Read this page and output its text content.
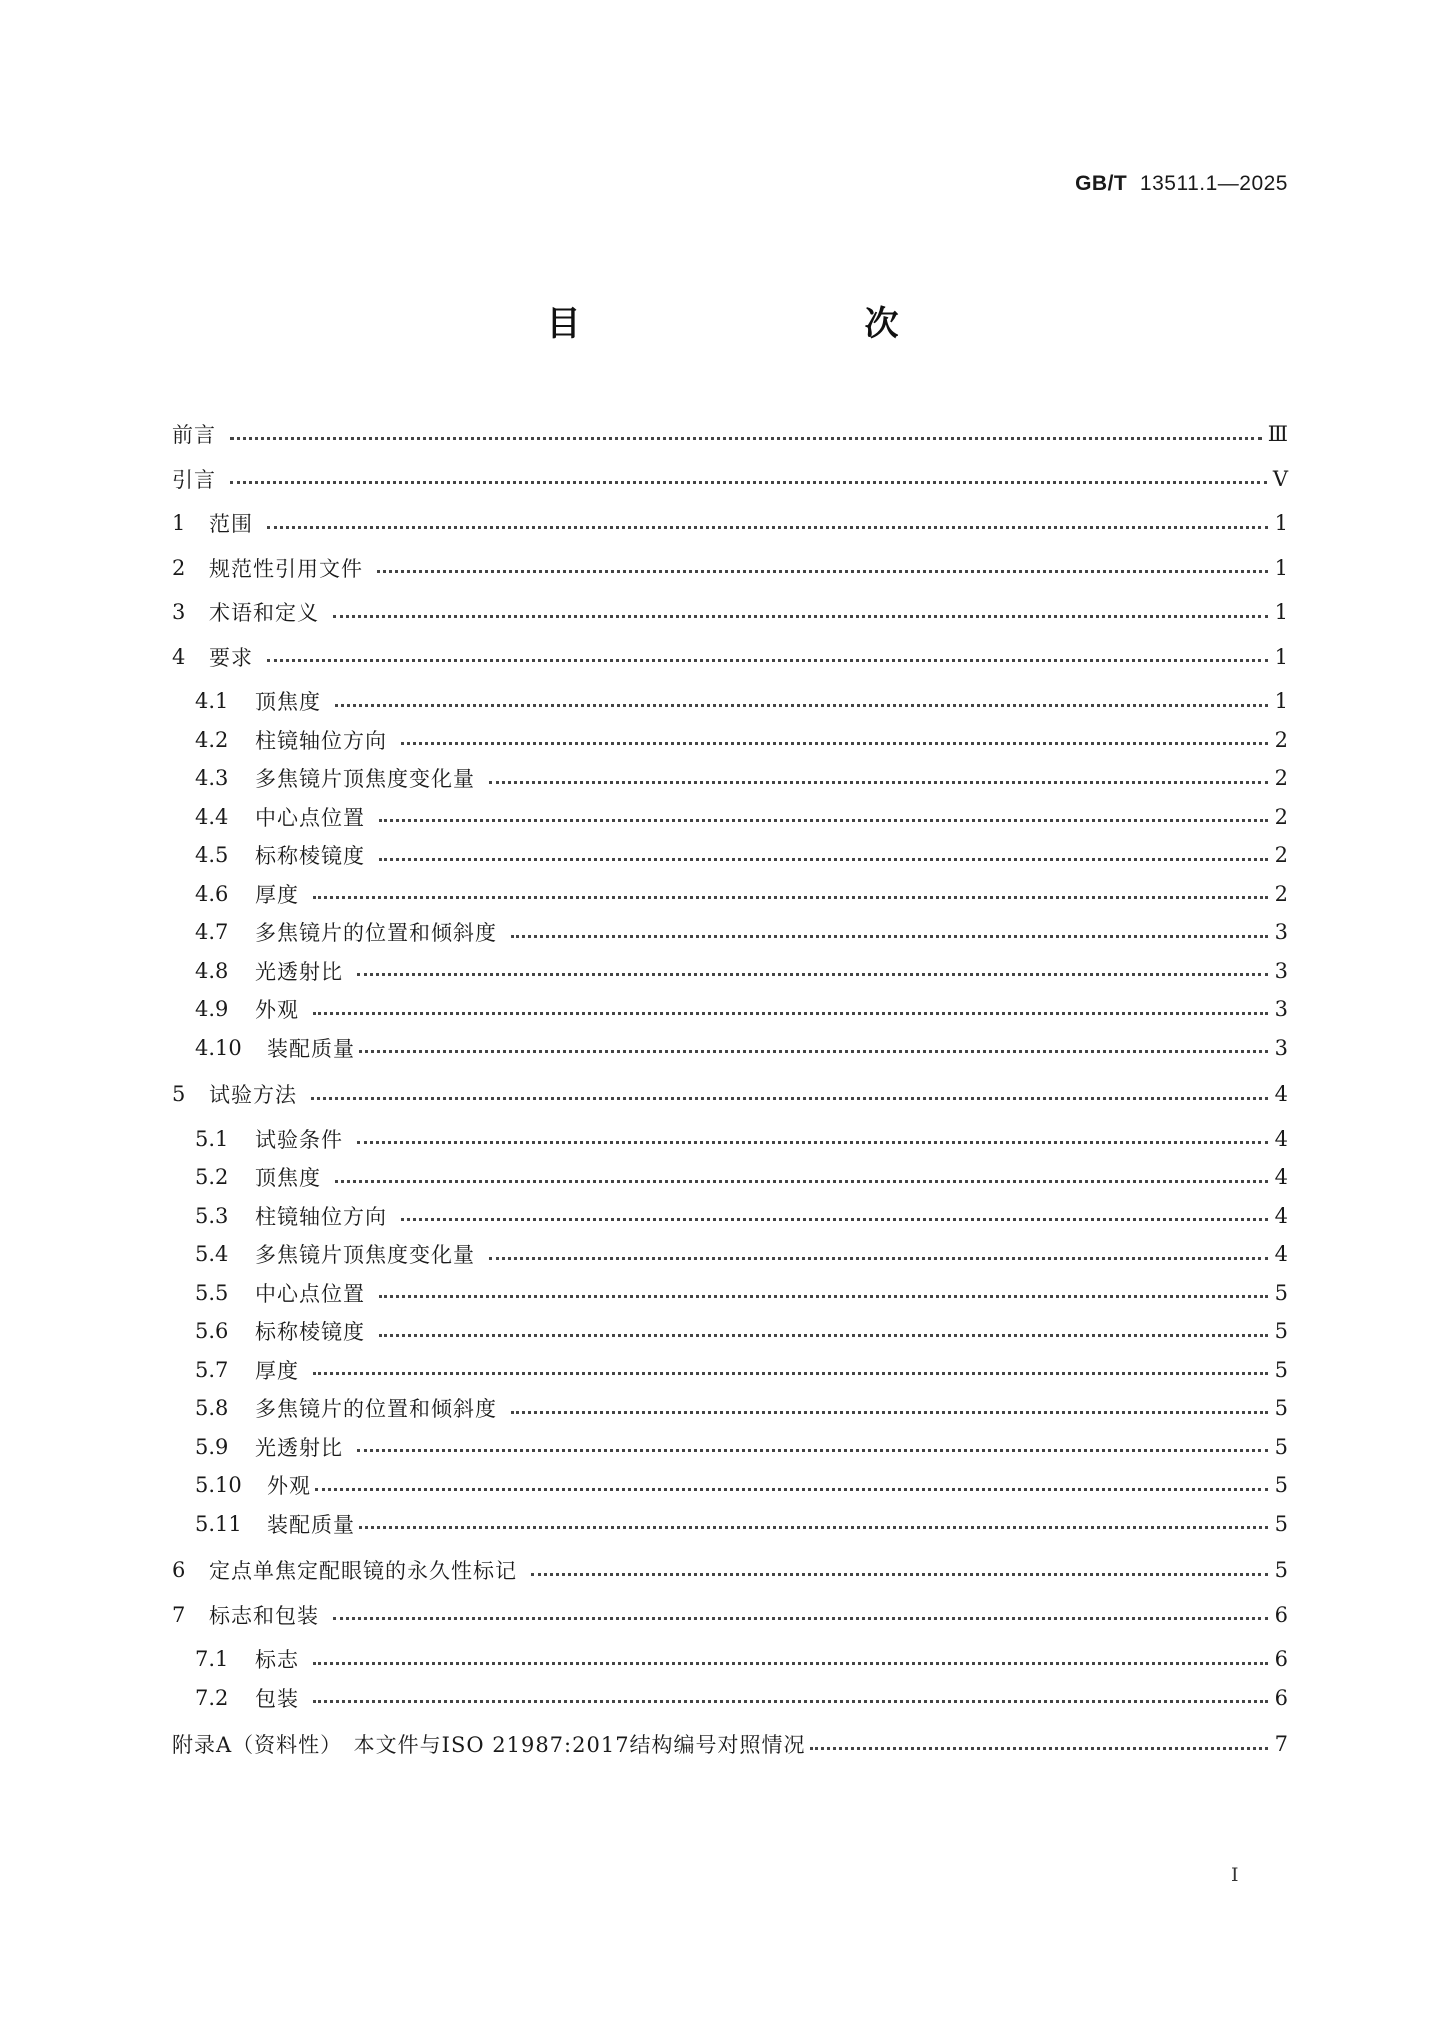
GB/T 13511.1—2025
目　　次
前言	Ⅲ
引言	Ⅴ
1	范围	1
2	规范性引用文件	1
3	术语和定义	1
4	要求	1
4.1	顶焦度	1
4.2	柱镜轴位方向	2
4.3	多焦镜片顶焦度变化量	2
4.4	中心点位置	2
4.5	标称棱镜度	2
4.6	厚度	2
4.7	多焦镜片的位置和倾斜度	3
4.8	光透射比	3
4.9	外观	3
4.10	装配质量	3
5	试验方法	4
5.1	试验条件	4
5.2	顶焦度	4
5.3	柱镜轴位方向	4
5.4	多焦镜片顶焦度变化量	4
5.5	中心点位置	5
5.6	标称棱镜度	5
5.7	厚度	5
5.8	多焦镜片的位置和倾斜度	5
5.9	光透射比	5
5.10	外观	5
5.11	装配质量	5
6	定点单焦定配眼镜的永久性标记	5
7	标志和包装	6
7.1	标志	6
7.2	包装	6
附录A（资料性）　本文件与ISO 21987:2017结构编号对照情况	7
Ⅰ
